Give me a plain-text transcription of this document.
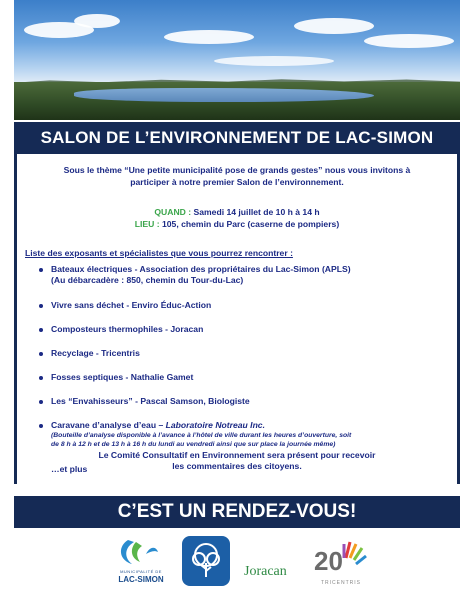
SALON DE L’ENVIRONNEMENT DE LAC-SIMON
Sous le thème “Une petite municipalité pose de grands gestes” nous vous invitons à
participer à notre premier Salon de l’environnement.
QUAND : Samedi 14 juillet de 10 h à 14 h
LIEU : 105, chemin du Parc (caserne de pompiers)
Liste des exposants et spécialistes que vous pourrez rencontrer :
Bateaux électriques - Association des propriétaires du Lac-Simon (APLS)
(Au débarcadère : 850, chemin du Tour-du-Lac)
Vivre sans déchet - Enviro Éduc-Action
Composteurs thermophiles - Joracan
Recyclage - Tricentris
Fosses septiques - Nathalie Gamet
Les “Envahisseurs” - Pascal Samson, Biologiste
Caravane d’analyse d’eau – Laboratoire Notreau Inc.
(Bouteille d’analyse disponible à l’avance à l’hôtel de ville durant les heures d’ouverture, soit
de 8 h à 12 h et de 13 h à 16 h du lundi au vendredi ainsi que sur place la journée même)
…et plus
Le Comité Consultatif en Environnement sera présent pour recevoir
les commentaires des citoyens.
C’EST UN RENDEZ-VOUS!
MUNICIPALITÉ DE
LAC-SIMON
Joracan 20
TRICENTRIS
